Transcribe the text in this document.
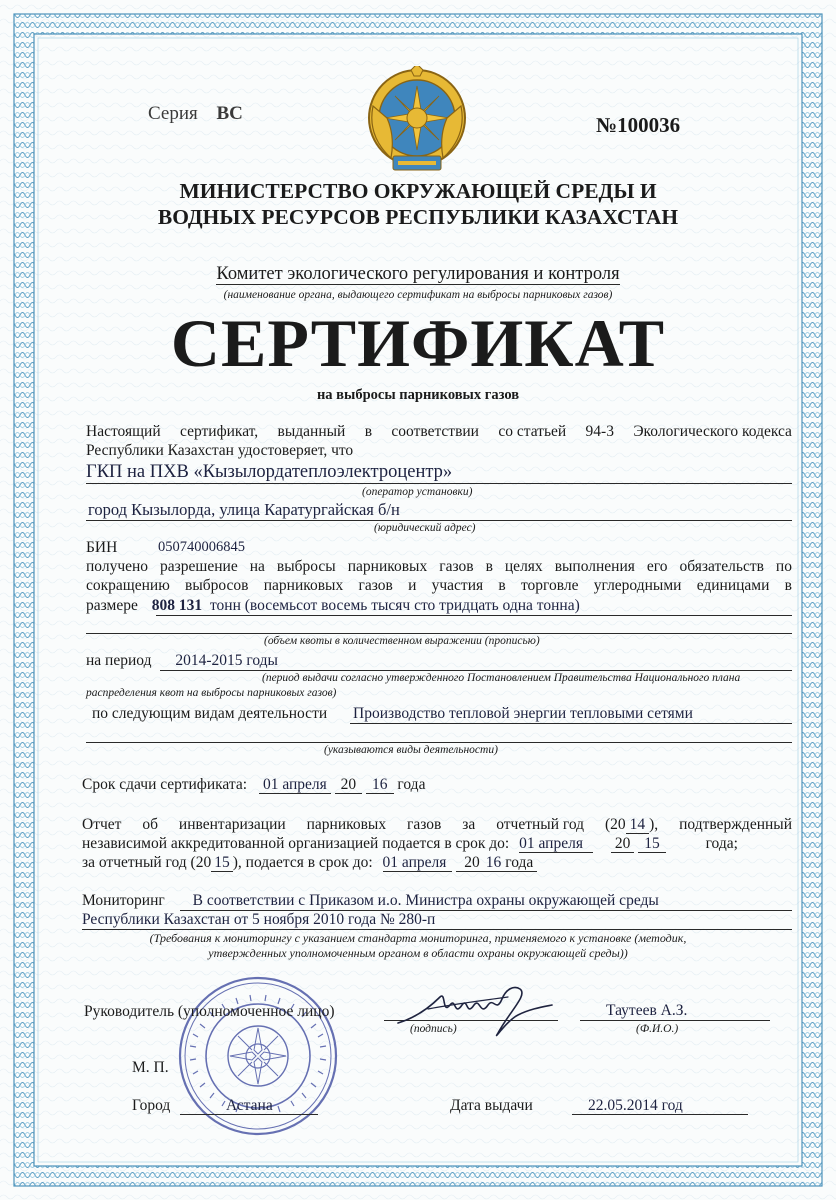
Серия ВС	№100036
МИНИСТЕРСТВО ОКРУЖАЮЩЕЙ СРЕДЫ И
ВОДНЫХ РЕСУРСОВ РЕСПУБЛИКИ КАЗАХСТАН
Комитет экологического регулирования и контроля
(наименование органа, выдающего сертификат на выбросы парниковых газов)
СЕРТИФИКАТ
на выбросы парниковых газов
Настоящий сертификат, выданный в соответствии со статьей 94-3 Экологического кодекса
Республики Казахстан удостоверяет, что
ГКП на ПХВ «Кызылордатеплоэлектроцентр»
(оператор установки)
город Кызылорда, улица Каратургайская б/н
(юридический адрес)
БИН	050740006845
получено разрешение на выбросы парниковых газов в целях выполнения его обязательств по
сокращению выбросов парниковых газов и участия в торговле углеродными единицами в
размере 808 131 тонн (восемьсот восемь тысяч сто тридцать одна тонна)
(объем квоты в количественном выражении (прописью)
на период 2014-2015 годы
(период выдачи согласно утвержденного Постановлением Правительства Национального плана
распределения квот на выбросы парниковых газов)
по следующим видам деятельности Производство тепловой энергии тепловыми сетями
(указываются виды деятельности)
Срок сдачи сертификата: 01 апреля 20 16 года
Отчет об инвентаризации парниковых газов за отчетный год (20 14 ), подтвержденный
независимой аккредитованной организацией подается в срок до: 01 апреля 20 15	года;
за отчетный год (20 15 ), подается в срок до: 01 апреля 20 16 года
Мониторинг В соответствии с Приказом и.о. Министра охраны окружающей среды
Республики Казахстан от 5 ноября 2010 года № 280-п
(Требования к мониторингу с указанием стандарта мониторинга, применяемого к установке (методик,
утвержденных уполномоченным органом в области охраны окружающей среды))
Руководитель (уполномоченное лицо)
(подпись)
Таутеев А.З.
(Ф.И.О.)
М. П.
Город	Астана	Дата выдачи	22.05.2014 год
